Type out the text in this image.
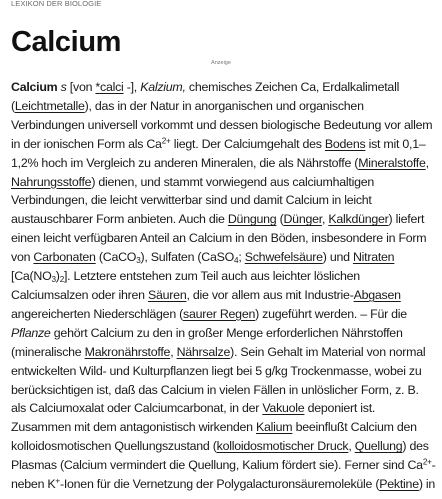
LEXIKON DER BIOLOGIE
Calcium
Anzeige

Calcium s [von *calci -], Kalzium, chemisches Zeichen Ca, Erdalkalimetall
(Leichtmetalle), das in der Natur in anorganischen und organischen
Verbindungen universell vorkommt und dessen biologische Bedeutung vor allem
in der ionischen Form als $Ca^{2+}$ liegt. Der Calciumgehalt des Bodens ist mit 0,1–
1,2% hoch im Vergleich zu anderen Mineralen, die als Nährstoffe (Mineralstoffe,
Nahrungsstoffe) dienen, und stammt vorwiegend aus calciumhaltigen
Verbindungen, die leicht verwitterbar sind und damit Calcium in leicht
austauschbarer Form anbieten. Auch die Düngung (Dünger, Kalkdünger) liefert
einen leicht verfügbaren Anteil an Calcium in den Böden, insbesondere in Form
von Carbonaten (CaCO$_3$), Sulfaten (CaSO$_4$; Schwefelsäure) und Nitraten
$[Ca(NO_3)_2]$. Letztere entstehen zum Teil auch aus leichter löslichen
Calciumsalzen oder ihren Säuren, die vor allem aus mit Industrie-Abgasen
angereicherten Niederschlägen (saurer Regen) zugeführt werden. – Für die
Pflanze gehört Calcium zu den in großer Menge erforderlichen Nährstoffen
(mineralische Makronährstoffe, Nährsalze). Sein Gehalt im Material von normal
entwickelten Wild- und Kulturpflanzen liegt bei 5 g/kg Trockenmasse, wobei zu
berücksichtigen ist, daß das Calcium in vielen Fällen in unlöslicher Form, z. B.
als Calciumoxalat oder Calciumcarbonat, in der Vakuole deponiert ist.
Zusammen mit dem antagonistisch wirkenden Kalium beeinflußt Calcium den
kolloidosmotischen Quellungszustand (kolloidosmotischer Druck, Quellung) des
Plasmas (Calcium vermindert die Quellung, Kalium fördert sie). Ferner sind $Ca^{2+}-$
neben K+-Ionen für die Vernetzung der Polygalacturonsäuremoleküle (Pektine) in
